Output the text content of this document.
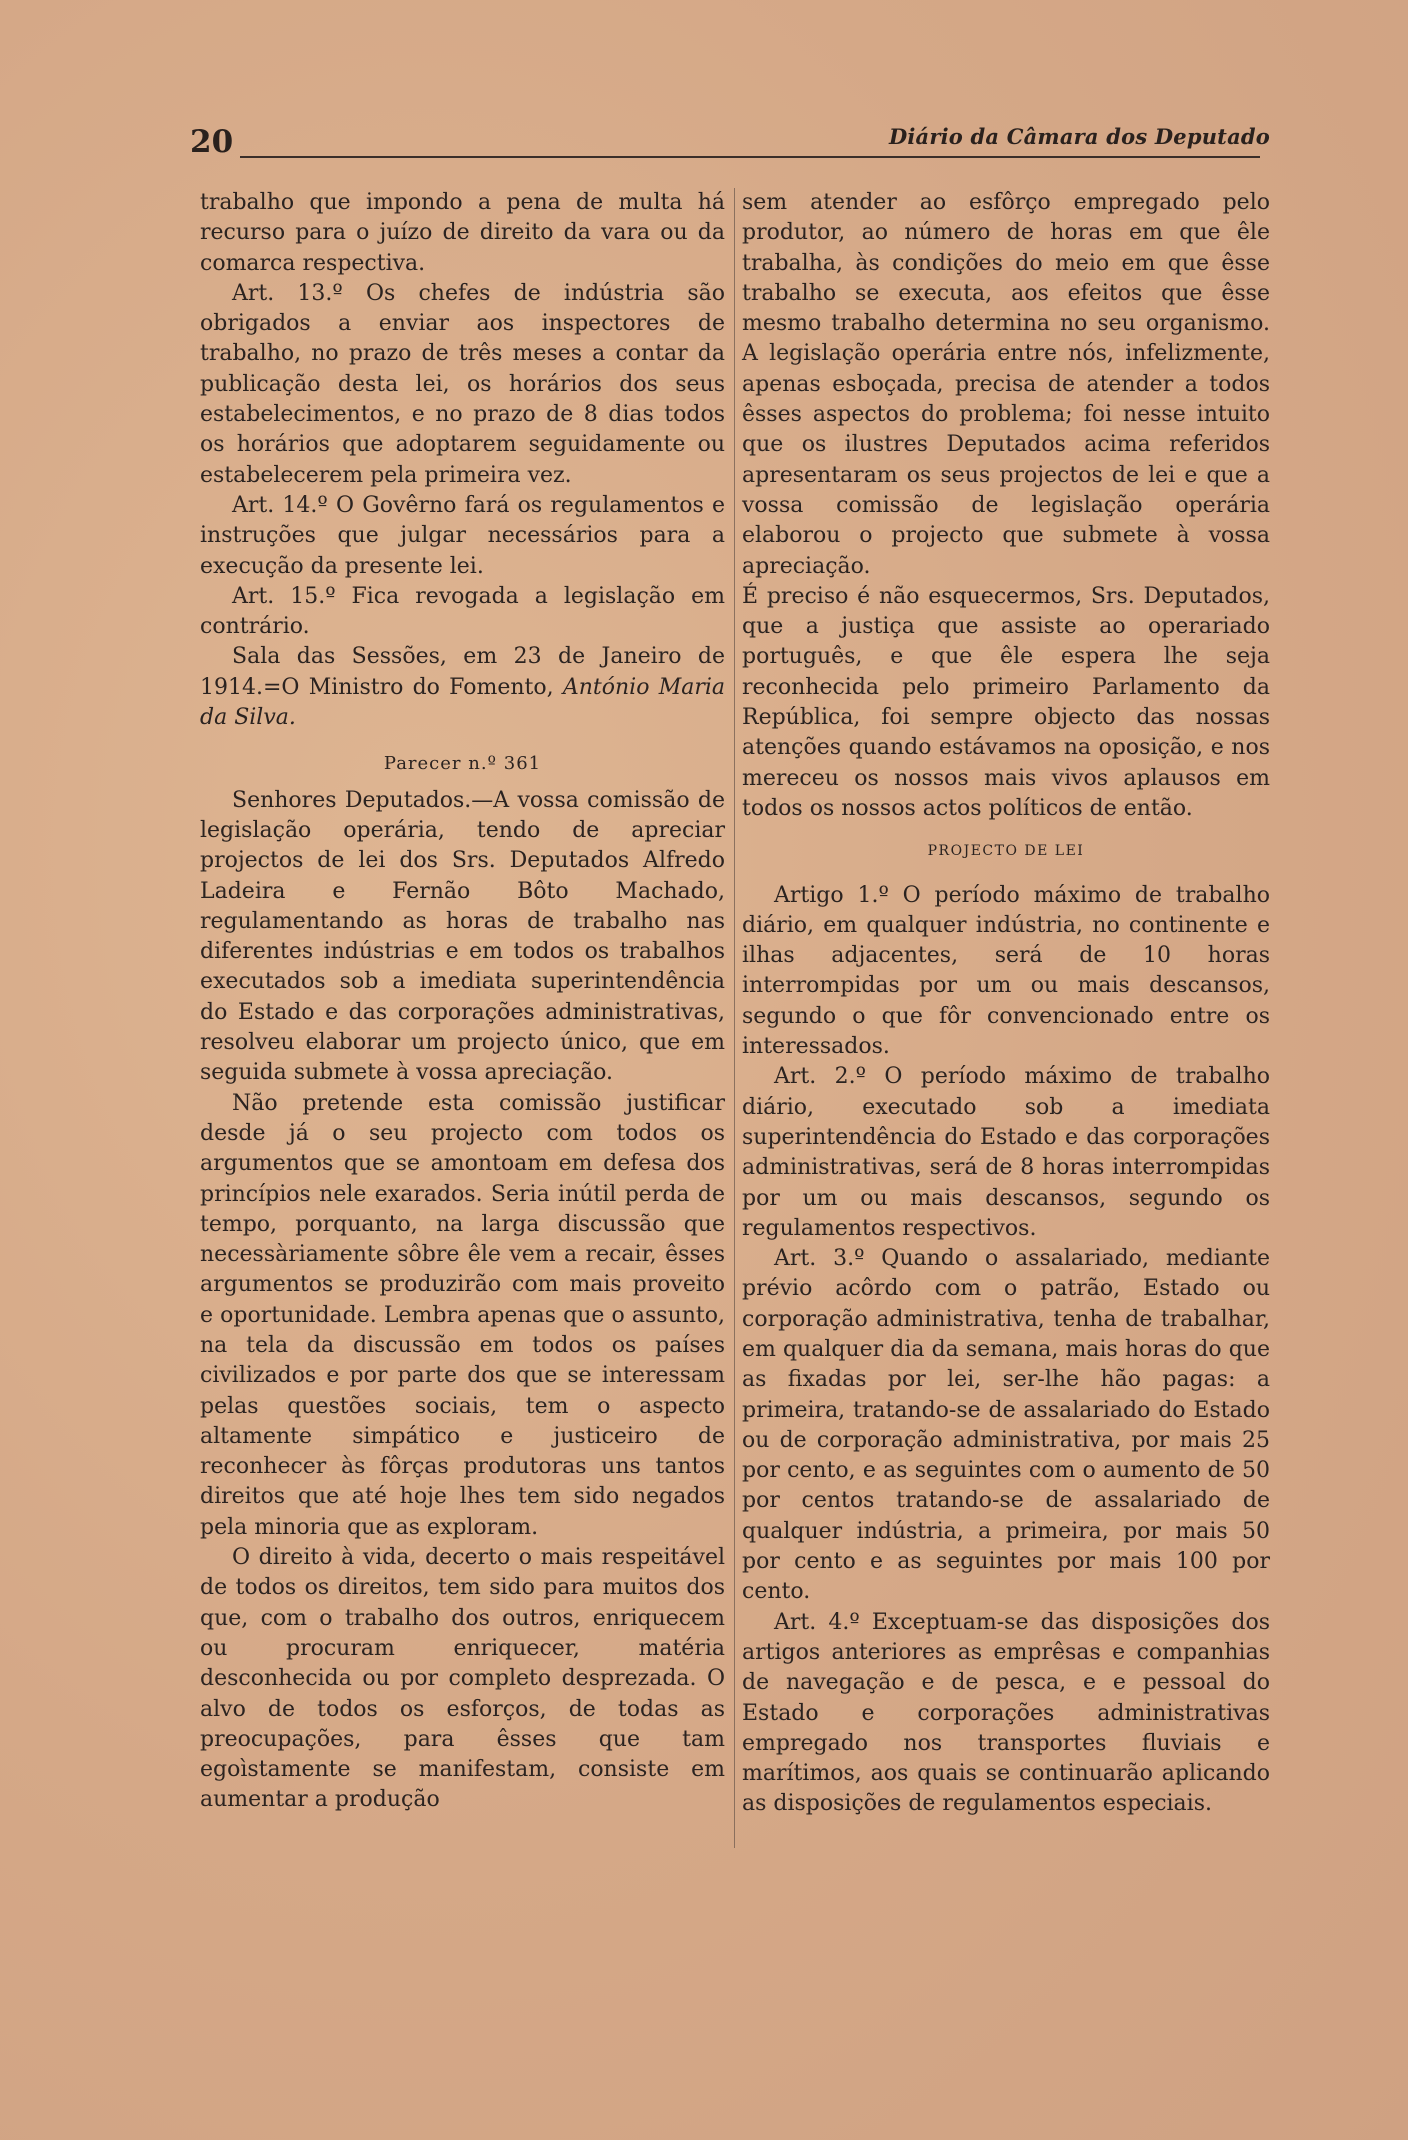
20	Diário da Câmara dos Deputado

trabalho que impondo a pena de multa há recurso para o juízo de direito da vara ou da comarca respectiva.

Art. 13.º Os chefes de indústria são obrigados a enviar aos inspectores de trabalho, no prazo de três meses a contar da publicação desta lei, os horários dos seus estabelecimentos, e no prazo de 8 dias todos os horários que adoptarem seguidamente ou estabelecerem pela primeira vez.

Art. 14.º O Govêrno fará os regulamentos e instruções que julgar necessários para a execução da presente lei.

Art. 15.º Fica revogada a legislação em contrário.

Sala das Sessões, em 23 de Janeiro de 1914.=O Ministro do Fomento, António Maria da Silva.

Parecer n.º 361

Senhores Deputados.—A vossa comissão de legislação operária, tendo de apreciar projectos de lei dos Srs. Deputados Alfredo Ladeira e Fernão Bôto Machado, regulamentando as horas de trabalho nas diferentes indústrias e em todos os trabalhos executados sob a imediata superintendência do Estado e das corporações administrativas, resolveu elaborar um projecto único, que em seguida submete à vossa apreciação.

Não pretende esta comissão justificar desde já o seu projecto com todos os argumentos que se amontoam em defesa dos princípios nele exarados. Seria inútil perda de tempo, porquanto, na larga discussão que necessàriamente sôbre êle vem a recair, êsses argumentos se produzirão com mais proveito e oportunidade. Lembra apenas que o assunto, na tela da discussão em todos os países civilizados e por parte dos que se interessam pelas questões sociais, tem o aspecto altamente simpático e justiceiro de reconhecer às fôrças produtoras uns tantos direitos que até hoje lhes tem sido negados pela minoria que as exploram.

O direito à vida, decerto o mais respeitável de todos os direitos, tem sido para muitos dos que, com o trabalho dos outros, enriquecem ou procuram enriquecer, matéria desconhecida ou por completo desprezada. O alvo de todos os esforços, de todas as preocupações, para êsses que tam egoìstamente se manifestam, consiste em aumentar a produção

sem atender ao esfôrço empregado pelo produtor, ao número de horas em que êle trabalha, às condições do meio em que êsse trabalho se executa, aos efeitos que êsse mesmo trabalho determina no seu organismo. A legislação operária entre nós, infelizmente, apenas esboçada, precisa de atender a todos êsses aspectos do problema; foi nesse intuito que os ilustres Deputados acima referidos apresentaram os seus projectos de lei e que a vossa comissão de legislação operária elaborou o projecto que submete à vossa apreciação.

É preciso é não esquecermos, Srs. Deputados, que a justiça que assiste ao operariado português, e que êle espera lhe seja reconhecida pelo primeiro Parlamento da República, foi sempre objecto das nossas atenções quando estávamos na oposição, e nos mereceu os nossos mais vivos aplausos em todos os nossos actos políticos de então.

PROJECTO DE LEI

Artigo 1.º O período máximo de trabalho diário, em qualquer indústria, no continente e ilhas adjacentes, será de 10 horas interrompidas por um ou mais descansos, segundo o que fôr convencionado entre os interessados.

Art. 2.º O período máximo de trabalho diário, executado sob a imediata superintendência do Estado e das corporações administrativas, será de 8 horas interrompidas por um ou mais descansos, segundo os regulamentos respectivos.

Art. 3.º Quando o assalariado, mediante prévio acôrdo com o patrão, Estado ou corporação administrativa, tenha de trabalhar, em qualquer dia da semana, mais horas do que as fixadas por lei, ser-lhe hão pagas: a primeira, tratando-se de assalariado do Estado ou de corporação administrativa, por mais 25 por cento, e as seguintes com o aumento de 50 por centos tratando-se de assalariado de qualquer indústria, a primeira, por mais 50 por cento e as seguintes por mais 100 por cento.

Art. 4.º Exceptuam-se das disposições dos artigos anteriores as emprêsas e companhias de navegação e de pesca, e e pessoal do Estado e corporações administrativas empregado nos transportes fluviais e marítimos, aos quais se continuarão aplicando as disposições de regulamentos especiais.
